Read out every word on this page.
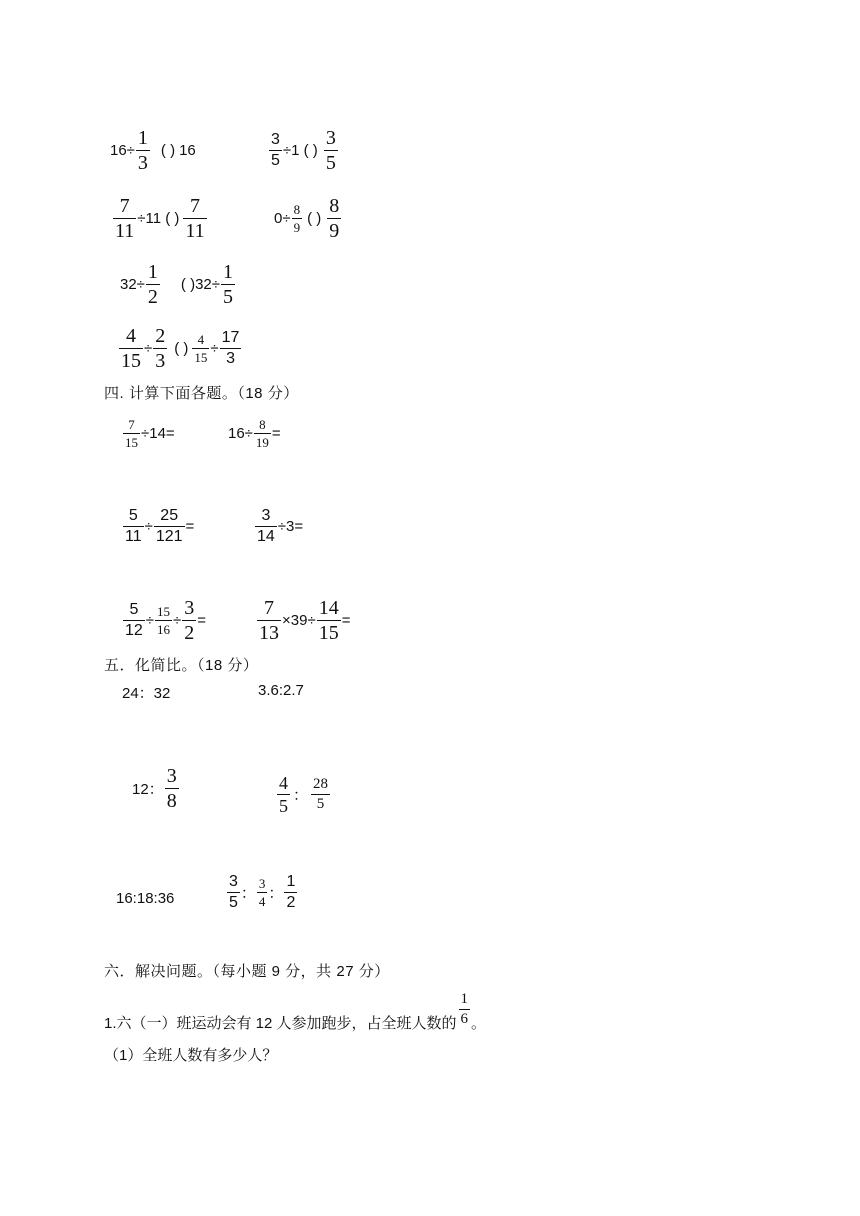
$16\div \frac{1}{3}$ ( ) 16	$\frac{3}{5} \div 1$ ( ) $\frac{3}{5}$
$\frac{7}{11} \div 11$ ( ) $\frac{7}{11}$	$0\div \frac{8}{9}$ ( ) $\frac{8}{9}$
$32\div \frac{1}{2}$ ( ) $32\div \frac{1}{5}$
$\frac{4}{15} \div \frac{2}{3}$ ( ) $\frac{4}{15} \div \frac{17}{3}$
四. 计算下面各题。（18 分）
$\frac{7}{15} \div 14=$	$16\div \frac{8}{19}$ =
$\frac{5}{11} \div \frac{25}{121}$ =	$\frac{3}{14} \div 3=$
$\frac{5}{12} \div \frac{15}{16} \div \frac{3}{2}$ =	$\frac{7}{13} \times 39\div \frac{14}{15}$ =
五．化简比。（18 分）
24：32	3.6:2.7
12： $\frac{3}{8}$	$\frac{4}{5}$ ： $\frac{28}{5}$
16:18:36	$\frac{3}{5}$ ： $\frac{3}{4}$ ： $\frac{1}{2}$
六．解决问题。（每小题 9 分，共 27 分）
1.六（一）班运动会有 12 人参加跑步，占全班人数的 $\frac{1}{6}$ 。
（1）全班人数有多少人？
